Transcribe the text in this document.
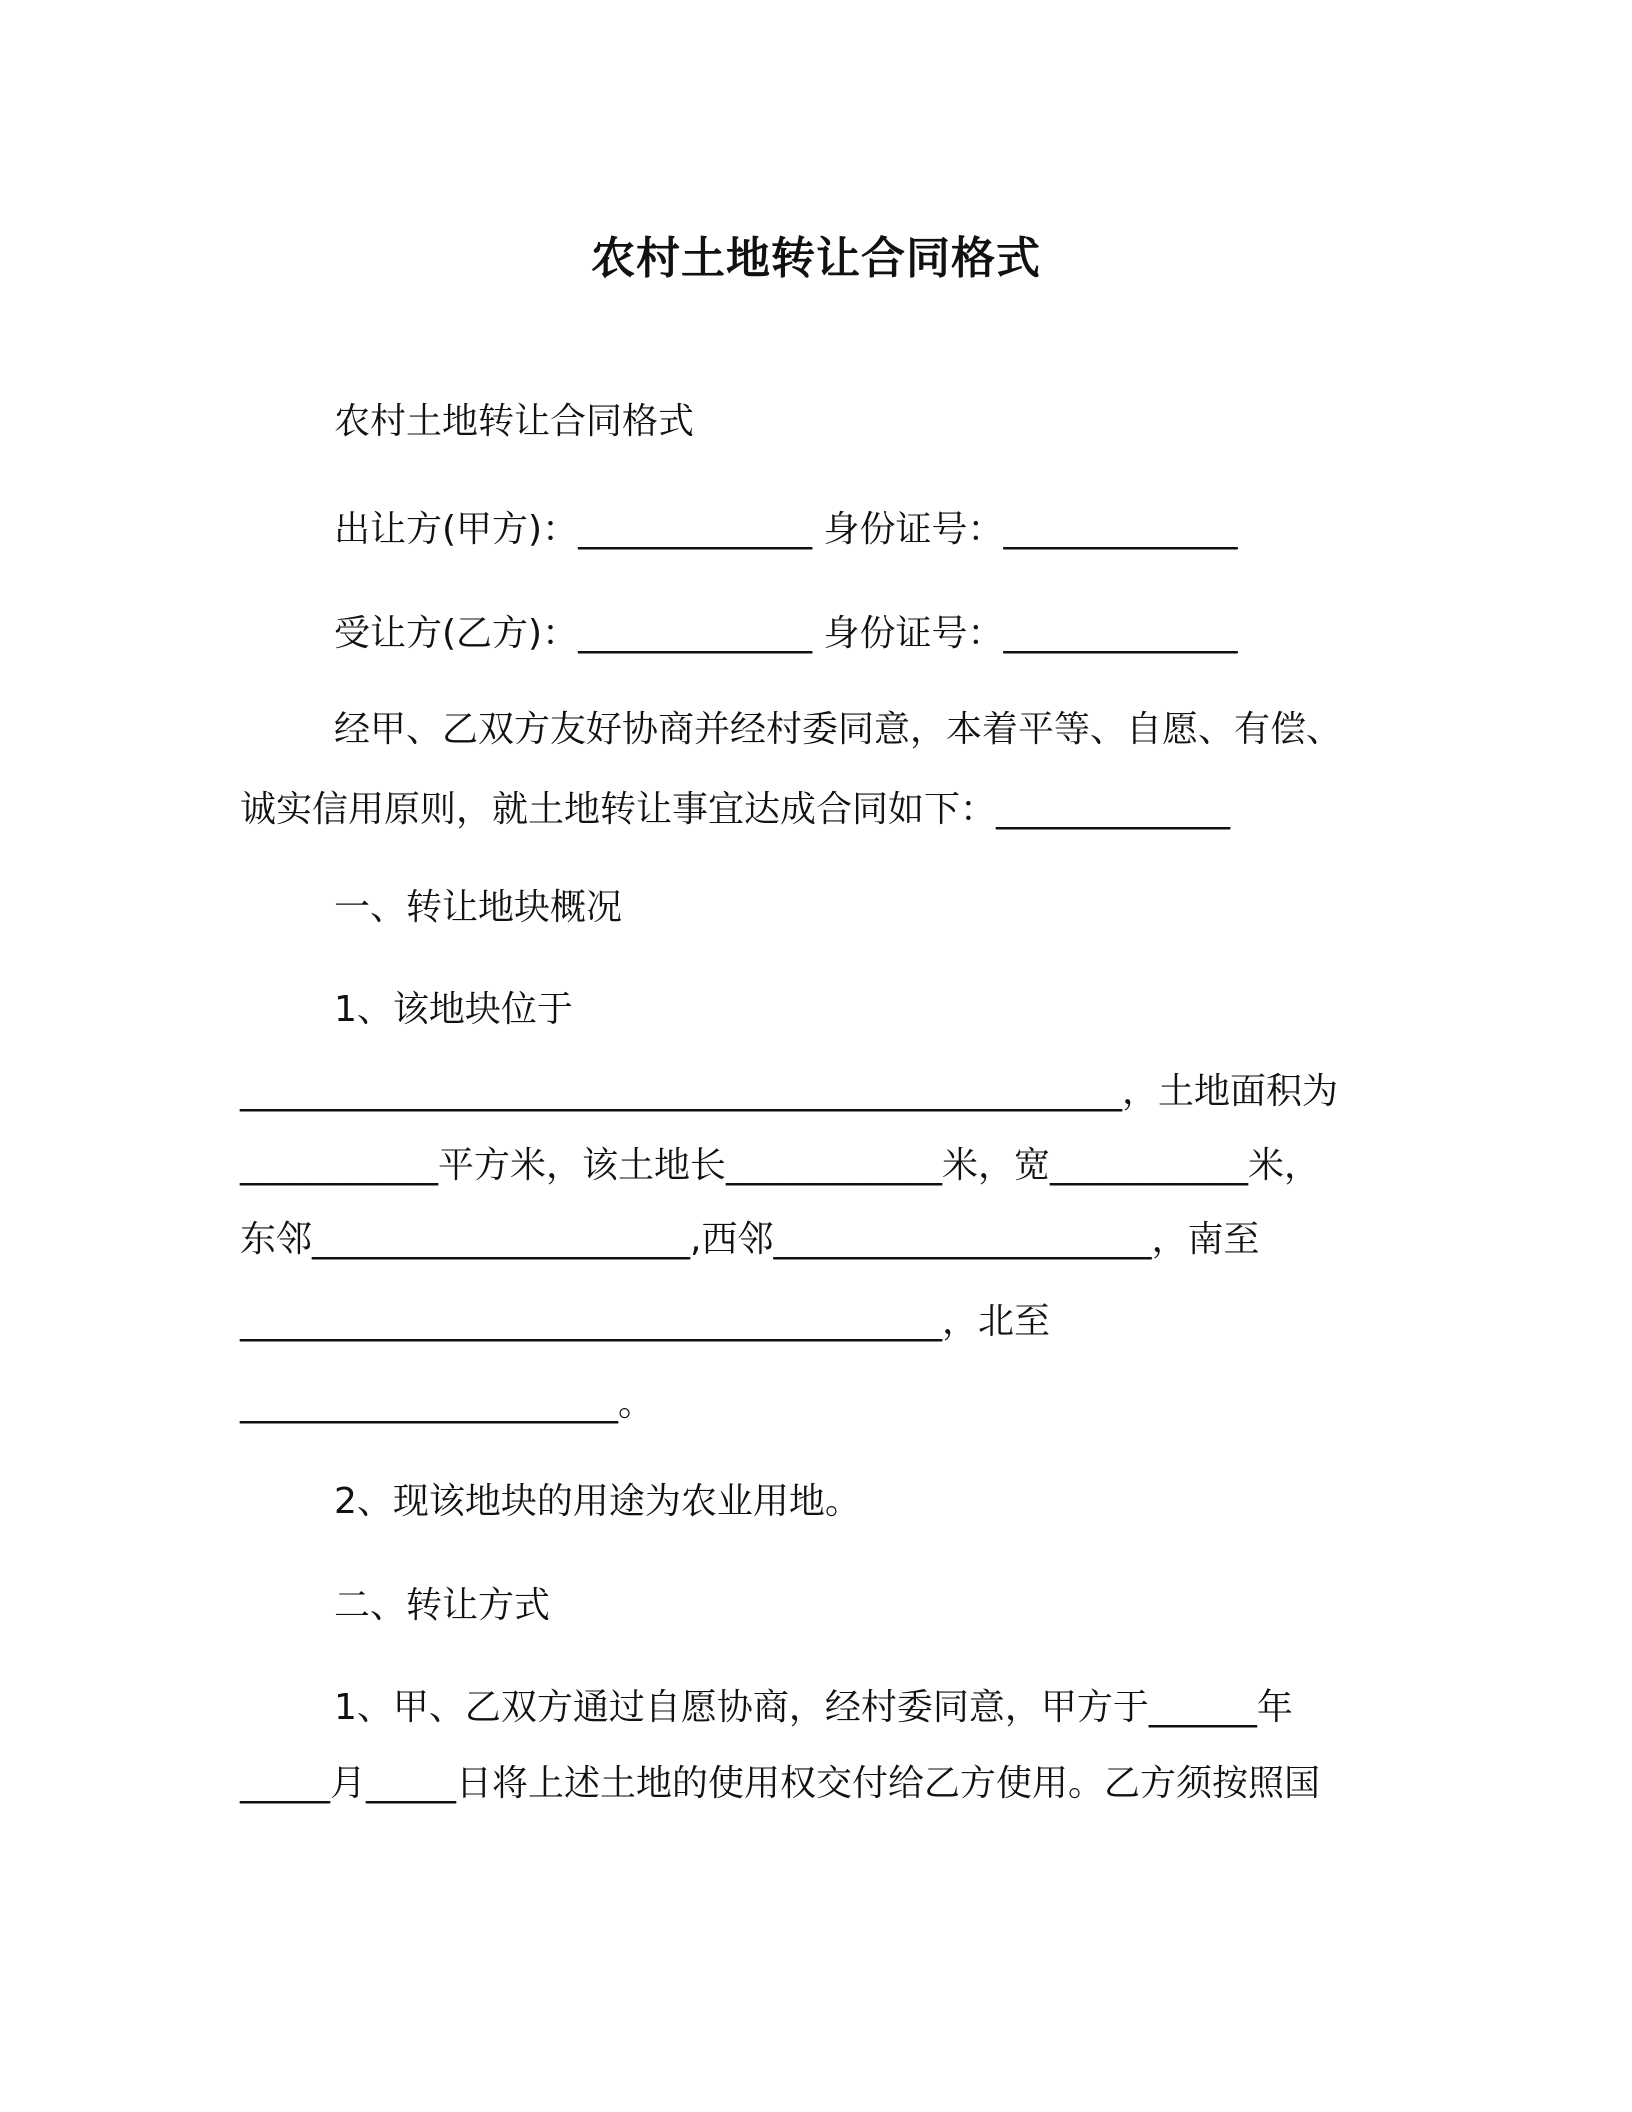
农村土地转让合同格式
农村土地转让合同格式
出让方(甲方)：_____________ 身份证号：_____________
受让方(乙方)：_____________ 身份证号：_____________
经甲、乙双方友好协商并经村委同意，本着平等、自愿、有偿、
诚实信用原则，就土地转让事宜达成合同如下：_____________
一、转让地块概况
1、该地块位于
_________________________________________________，土地面积为
___________平方米，该土地长____________米，宽___________米，
东邻_____________________,西邻_____________________，南至
_______________________________________，北至
_____________________。
2、现该地块的用途为农业用地。
二、转让方式
1、甲、乙双方通过自愿协商，经村委同意，甲方于______年
_____月_____日将上述土地的使用权交付给乙方使用。乙方须按照国
